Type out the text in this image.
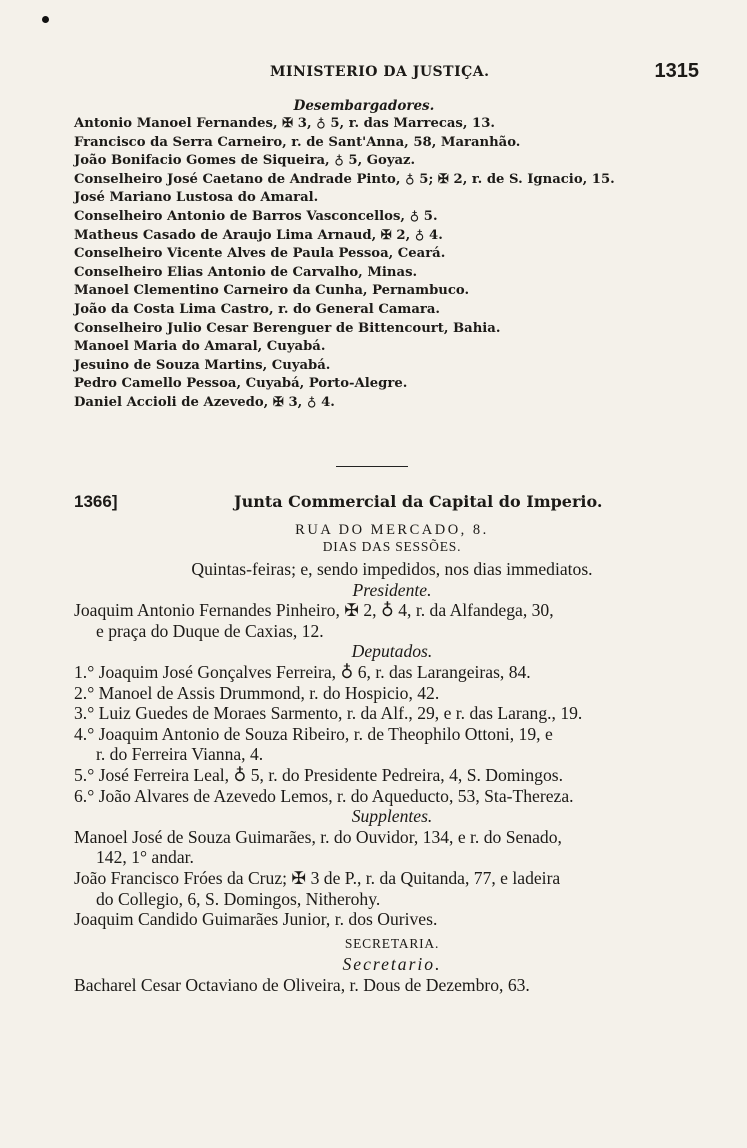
MINISTERIO DA JUSTIÇA.	1315
Desembargadores.
Antonio Manoel Fernandes, ✠ 3, ♁ 5, r. das Marrecas, 13.
Francisco da Serra Carneiro, r. de Sant'Anna, 58, Maranhão.
João Bonifacio Gomes de Siqueira, ♁ 5, Goyaz.
Conselheiro José Caetano de Andrade Pinto, ♁ 5; ✠ 2, r. de S. Ignacio, 15.
José Mariano Lustosa do Amaral.
Conselheiro Antonio de Barros Vasconcellos, ♁ 5.
Matheus Casado de Araujo Lima Arnaud, ✠ 2, ♁ 4.
Conselheiro Vicente Alves de Paula Pessoa, Ceará.
Conselheiro Elias Antonio de Carvalho, Minas.
Manoel Clementino Carneiro da Cunha, Pernambuco.
João da Costa Lima Castro, r. do General Camara.
Conselheiro Julio Cesar Berenguer de Bittencourt, Bahia.
Manoel Maria do Amaral, Cuyabá.
Jesuino de Souza Martins, Cuyabá.
Pedro Camello Pessoa, Cuyabá, Porto-Alegre.
Daniel Accioli de Azevedo, ✠ 3, ♁ 4.
1366]	Junta Commercial da Capital do Imperio.
RUA DO MERCADO, 8.
DIAS DAS SESSÕES.
Quintas-feiras; e, sendo impedidos, nos dias immediatos.
Presidente.
Joaquim Antonio Fernandes Pinheiro, ✠ 2, ♁ 4, r. da Alfandega, 30,
e praça do Duque de Caxias, 12.
Deputados.
1.° Joaquim José Gonçalves Ferreira, ♁ 6, r. das Larangeiras, 84.
2.° Manoel de Assis Drummond, r. do Hospicio, 42.
3.° Luiz Guedes de Moraes Sarmento, r. da Alf., 29, e r. das Larang., 19.
4.° Joaquim Antonio de Souza Ribeiro, r. de Theophilo Ottoni, 19, e
r. do Ferreira Vianna, 4.
5.° José Ferreira Leal, ♁ 5, r. do Presidente Pedreira, 4, S. Domingos.
6.° João Alvares de Azevedo Lemos, r. do Aqueducto, 53, Sta-Thereza.
Supplentes.
Manoel José de Souza Guimarães, r. do Ouvidor, 134, e r. do Senado,
142, 1° andar.
João Francisco Fróes da Cruz; ✠ 3 de P., r. da Quitanda, 77, e ladeira
do Collegio, 6, S. Domingos, Nitherohy.
Joaquim Candido Guimarães Junior, r. dos Ourives.
SECRETARIA.
Secretario.
Bacharel Cesar Octaviano de Oliveira, r. Dous de Dezembro, 63.
